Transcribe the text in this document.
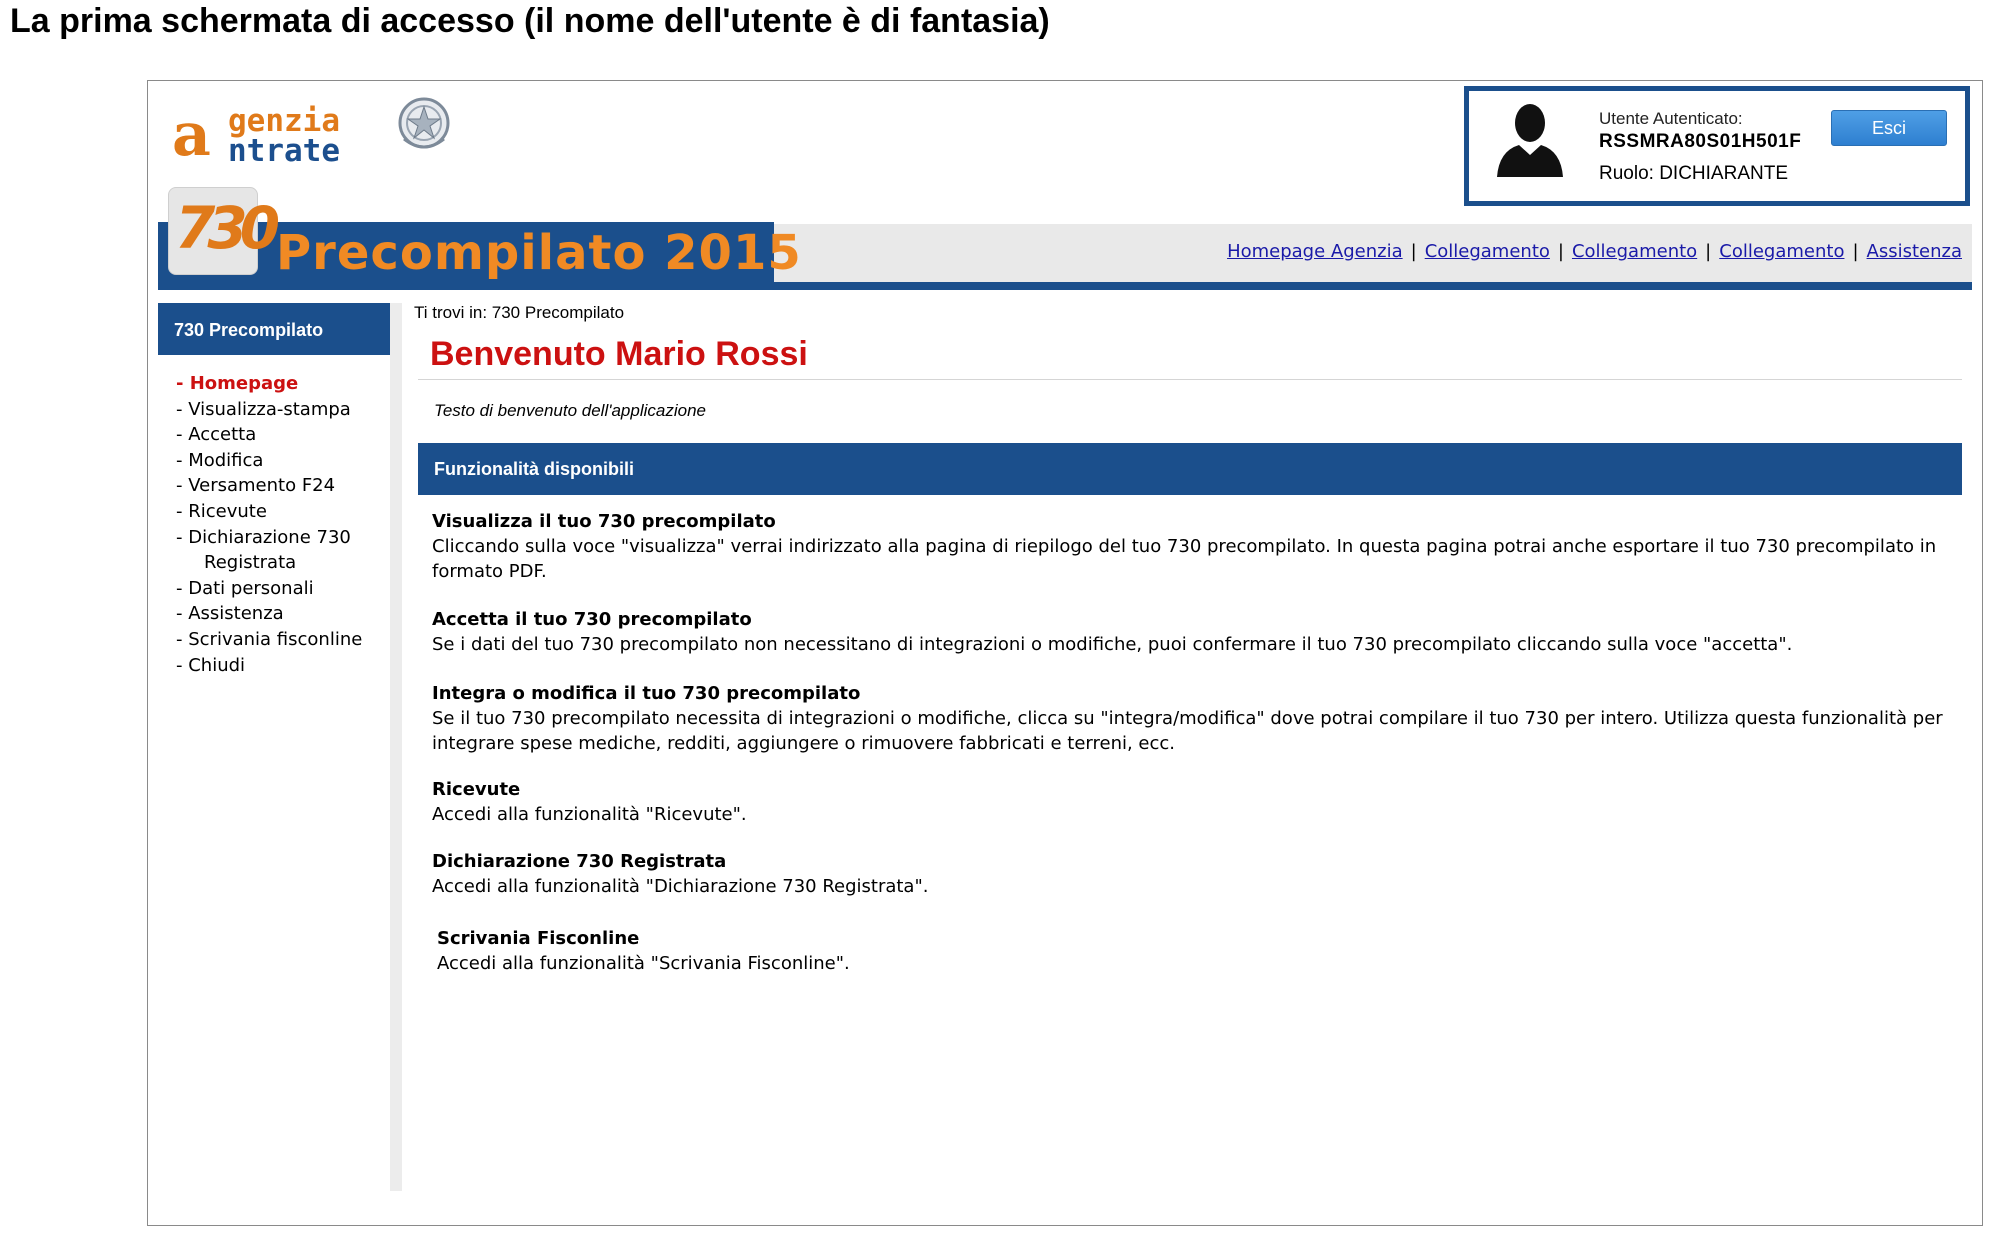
La prima schermata di accesso (il nome dell'utente è di fantasia)

a genzia
ntrate
Utente Autenticato:
RSSMRA80S01H501F
Ruolo: DICHIARANTE
Esci
730 Precompilato 2015	Homepage Agenzia | Collegamento | Collegamento | Collegamento | Assistenza
730 Precompilato
- Homepage
- Visualizza-stampa
- Accetta
- Modifica
- Versamento F24
- Ricevute
- Dichiarazione 730
Registrata
- Dati personali
- Assistenza
- Scrivania fisconline
- Chiudi
Ti trovi in: 730 Precompilato
Benvenuto Mario Rossi
Testo di benvenuto dell'applicazione
Funzionalità disponibili
Visualizza il tuo 730 precompilato
Cliccando sulla voce "visualizza" verrai indirizzato alla pagina di riepilogo del tuo 730 precompilato. In questa pagina potrai anche esportare il tuo 730 precompilato in formato PDF.
Accetta il tuo 730 precompilato
Se i dati del tuo 730 precompilato non necessitano di integrazioni o modifiche, puoi confermare il tuo 730 precompilato cliccando sulla voce "accetta".
Integra o modifica il tuo 730 precompilato
Se il tuo 730 precompilato necessita di integrazioni o modifiche, clicca su "integra/modifica" dove potrai compilare il tuo 730 per intero. Utilizza questa funzionalità per integrare spese mediche, redditi, aggiungere o rimuovere fabbricati e terreni, ecc.
Ricevute
Accedi alla funzionalità "Ricevute".
Dichiarazione 730 Registrata
Accedi alla funzionalità "Dichiarazione 730 Registrata".
Scrivania Fisconline
Accedi alla funzionalità "Scrivania Fisconline".
